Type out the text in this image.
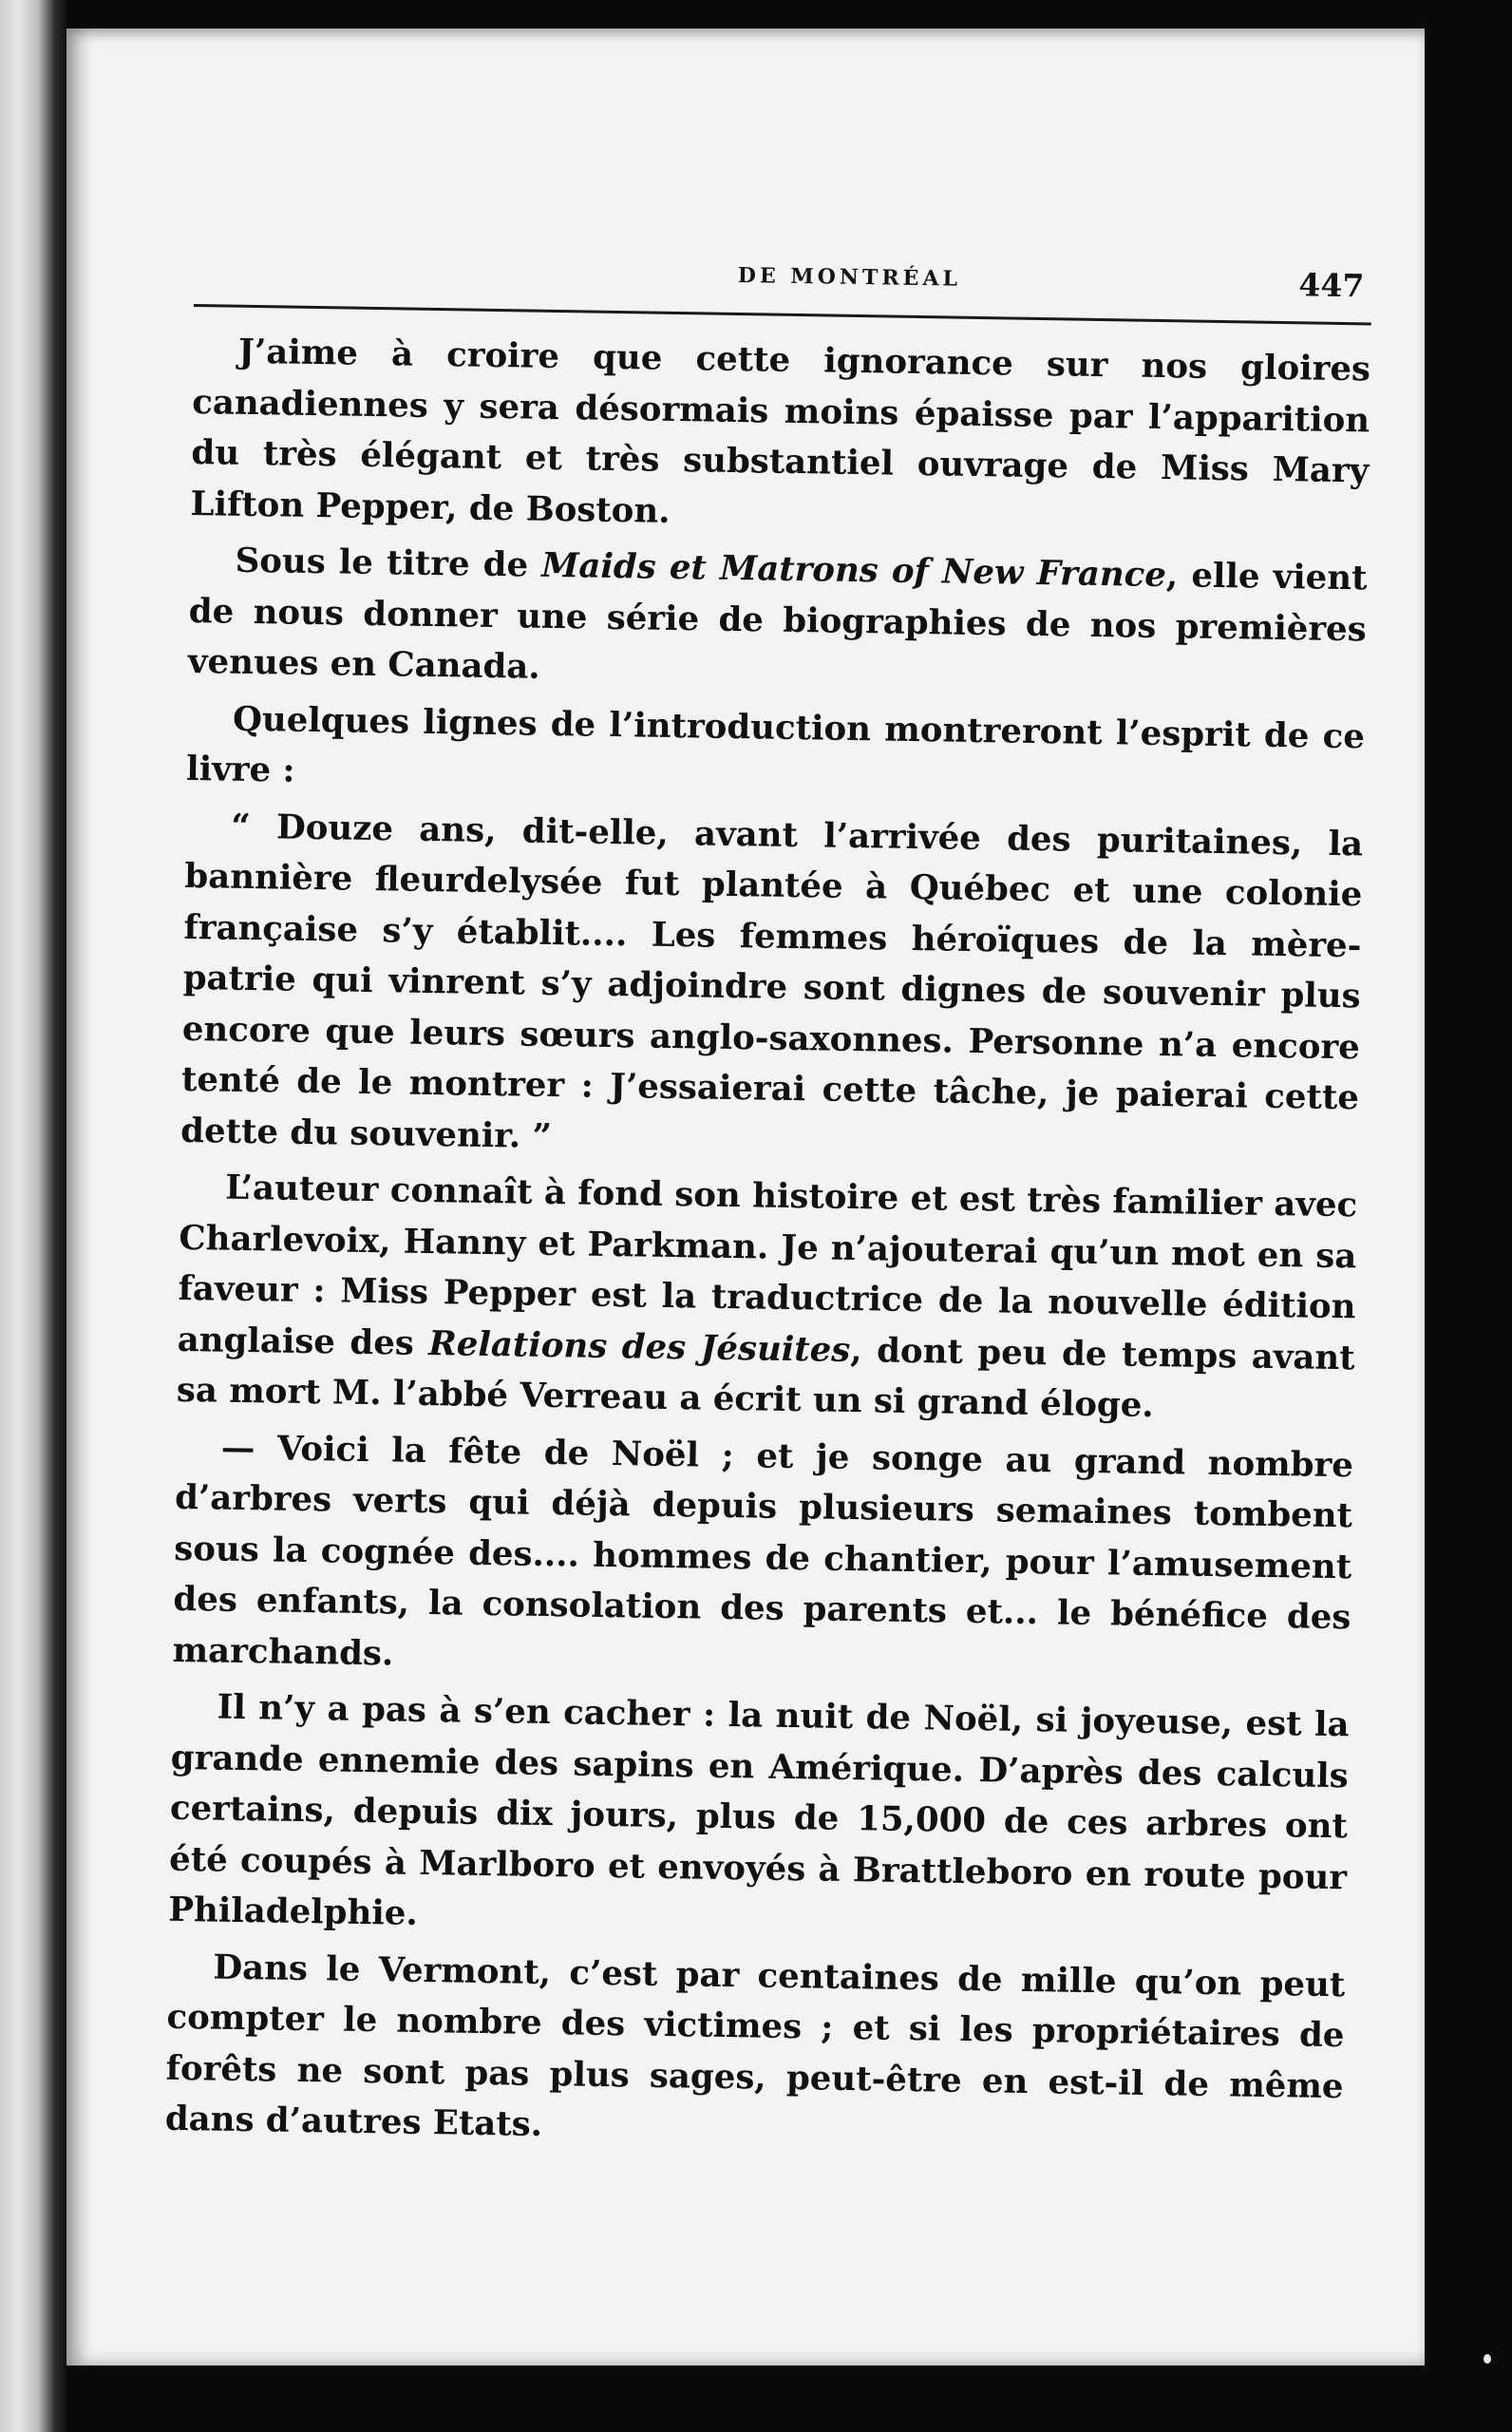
DE MONTRÉAL	447

J’aime à croire que cette ignorance sur nos gloires canadiennes y sera désormais moins épaisse par l’apparition du très élégant et très substantiel ouvrage de Miss Mary Lifton Pepper, de Boston.

Sous le titre de Maids et Matrons of New France, elle vient de nous donner une série de biographies de nos premières venues en Canada.

Quelques lignes de l’introduction montreront l’esprit de ce livre :

“ Douze ans, dit-elle, avant l’arrivée des puritaines, la bannière fleurdelysée fut plantée à Québec et une colonie française s’y établit.... Les femmes héroïques de la mère-patrie qui vinrent s’y adjoindre sont dignes de souvenir plus encore que leurs sœurs anglo-saxonnes. Personne n’a encore tenté de le montrer : J’essaierai cette tâche, je paierai cette dette du souvenir. ”

L’auteur connaît à fond son histoire et est très familier avec Charlevoix, Hanny et Parkman. Je n’ajouterai qu’un mot en sa faveur : Miss Pepper est la traductrice de la nouvelle édition anglaise des Relations des Jésuites, dont peu de temps avant sa mort M. l’abbé Verreau a écrit un si grand éloge.

— Voici la fête de Noël ; et je songe au grand nombre d’arbres verts qui déjà depuis plusieurs semaines tombent sous la cognée des.... hommes de chantier, pour l’amusement des enfants, la consolation des parents et... le bénéfice des marchands.

Il n’y a pas à s’en cacher : la nuit de Noël, si joyeuse, est la grande ennemie des sapins en Amérique. D’après des calculs certains, depuis dix jours, plus de 15,000 de ces arbres ont été coupés à Marlboro et envoyés à Brattleboro en route pour Philadelphie.

Dans le Vermont, c’est par centaines de mille qu’on peut compter le nombre des victimes ; et si les propriétaires de forêts ne sont pas plus sages, peut-être en est-il de même dans d’autres Etats.
